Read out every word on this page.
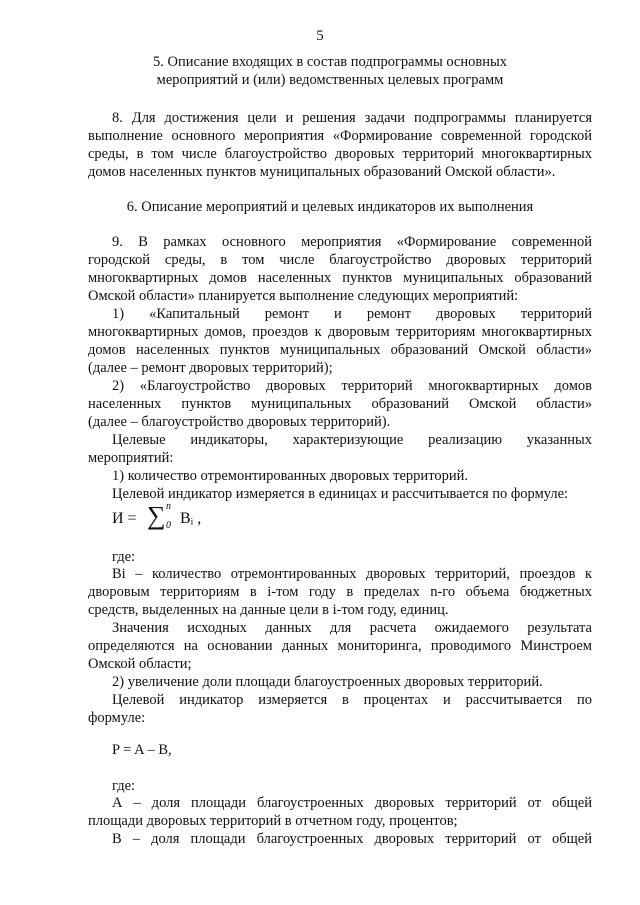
5
5. Описание входящих в состав подпрограммы основных
мероприятий и (или) ведомственных целевых программ
8. Для достижения цели и решения задачи подпрограммы планируется
выполнение основного мероприятия «Формирование современной городской
среды, в том числе благоустройство дворовых территорий многоквартирных
домов населенных пунктов муниципальных образований Омской области».
6. Описание мероприятий и целевых индикаторов их выполнения
9. В рамках основного мероприятия «Формирование современной
городской среды, в том числе благоустройство дворовых территорий
многоквартирных домов населенных пунктов муниципальных образований
Омской области» планируется выполнение следующих мероприятий:
1) «Капитальный ремонт и ремонт дворовых территорий
многоквартирных домов, проездов к дворовым территориям многоквартирных
домов населенных пунктов муниципальных образований Омской области»
(далее – ремонт дворовых территорий);
2) «Благоустройство дворовых территорий многоквартирных домов
населенных пунктов муниципальных образований Омской области»
(далее – благоустройство дворовых территорий).
Целевые индикаторы, характеризующие реализацию указанных
мероприятий:
1) количество отремонтированных дворовых территорий.
Целевой индикатор измеряется в единицах и рассчитывается по формуле:
И = ∑ n
0 Bᵢ ,
где:
Bi – количество отремонтированных дворовых территорий, проездов к
дворовым территориям в i-том году в пределах n-го объема бюджетных
средств, выделенных на данные цели в i-том году, единиц.
Значения исходных данных для расчета ожидаемого результата
определяются на основании данных мониторинга, проводимого Минстроем
Омской области;
2) увеличение доли площади благоустроенных дворовых территорий.
Целевой индикатор измеряется в процентах и рассчитывается по
формуле:
P = A – B,
где:
А – доля площади благоустроенных дворовых территорий от общей
площади дворовых территорий в отчетном году, процентов;
В – доля площади благоустроенных дворовых территорий от общей
